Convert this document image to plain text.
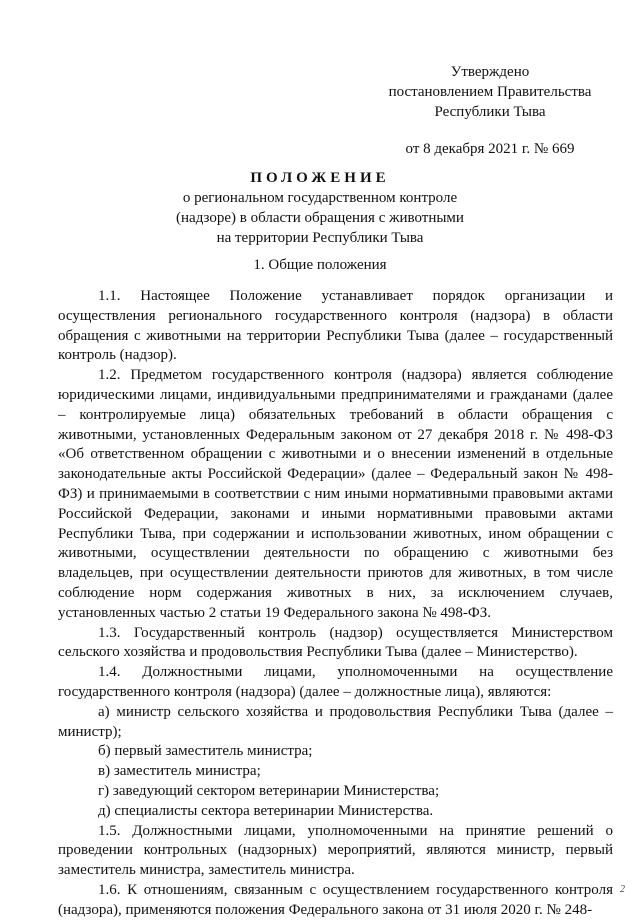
Утверждено
постановлением Правительства
Республики Тыва
от 8 декабря 2021 г. № 669
ПОЛОЖЕНИЕ
о региональном государственном контроле
(надзоре) в области обращения с животными
на территории Республики Тыва
1. Общие положения

1.1. Настоящее Положение устанавливает порядок организации и осуществления регионального государственного контроля (надзора) в области обращения с животными на территории Республики Тыва (далее – государственный контроль (надзор).

1.2. Предметом государственного контроля (надзора) является соблюдение юридическими лицами, индивидуальными предпринимателями и гражданами (далее – контролируемые лица) обязательных требований в области обращения с животными, установленных Федеральным законом от 27 декабря 2018 г. № 498-ФЗ «Об ответственном обращении с животными и о внесении изменений в отдельные законодательные акты Российской Федерации» (далее – Федеральный закон № 498-ФЗ) и принимаемыми в соответствии с ним иными нормативными правовыми актами Российской Федерации, законами и иными нормативными правовыми актами Республики Тыва, при содержании и использовании животных, ином обращении с животными, осуществлении деятельности по обращению с животными без владельцев, при осуществлении деятельности приютов для животных, в том числе соблюдение норм содержания животных в них, за исключением случаев, установленных частью 2 статьи 19 Федерального закона № 498-ФЗ.

1.3. Государственный контроль (надзор) осуществляется Министерством сельского хозяйства и продовольствия Республики Тыва (далее – Министерство).

1.4. Должностными лицами, уполномоченными на осуществление государственного контроля (надзора) (далее – должностные лица), являются:

а) министр сельского хозяйства и продовольствия Республики Тыва (далее – министр);

б) первый заместитель министра;

в) заместитель министра;

г) заведующий сектором ветеринарии Министерства;

д) специалисты сектора ветеринарии Министерства.

1.5. Должностными лицами, уполномоченными на принятие решений о проведении контрольных (надзорных) мероприятий, являются министр, первый заместитель министра, заместитель министра.

1.6. К отношениям, связанным с осуществлением государственного контроля (надзора), применяются положения Федерального закона от 31 июля 2020 г. № 248-

2
